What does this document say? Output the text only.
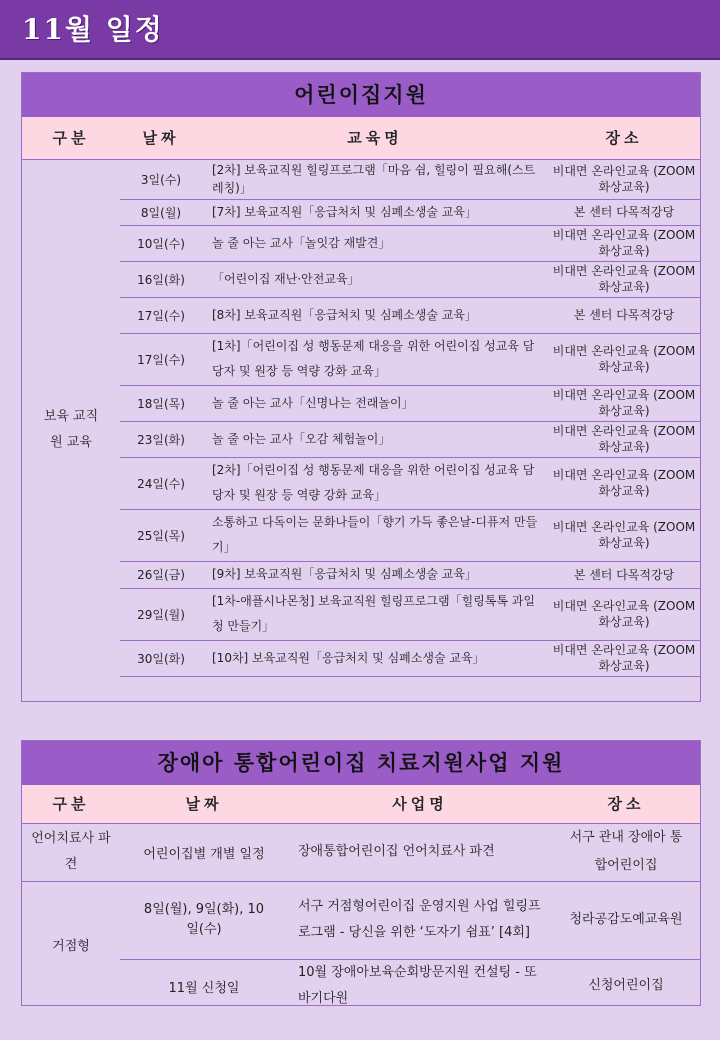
11월 일정
어린이집지원
구분	날짜	교육명	장소
보육 교직원 교육	3일(수)	[2차] 보육교직원 힐링프로그램「마음 쉼, 힐링이 필요해(스트레칭)」	비대면 온라인교육 (ZOOM 화상교육)
	8일(월)	[7차] 보육교직원「응급처치 및 심폐소생술 교육」	본 센터 다목적강당
	10일(수)	놀 줄 아는 교사「놀잇감 재발견」	비대면 온라인교육 (ZOOM 화상교육)
	16일(화)	「어린이집 재난·안전교육」	비대면 온라인교육 (ZOOM 화상교육)
	17일(수)	[8차] 보육교직원「응급처치 및 심폐소생술 교육」	본 센터 다목적강당
	17일(수)	[1차]「어린이집 성 행동문제 대응을 위한 어린이집 성교육 담당자 및 원장 등 역량 강화 교육」	비대면 온라인교육 (ZOOM 화상교육)
	18일(목)	놀 줄 아는 교사「신명나는 전래놀이」	비대면 온라인교육 (ZOOM 화상교육)
	23일(화)	놀 줄 아는 교사「오감 체험놀이」	비대면 온라인교육 (ZOOM 화상교육)
	24일(수)	[2차]「어린이집 성 행동문제 대응을 위한 어린이집 성교육 담당자 및 원장 등 역량 강화 교육」	비대면 온라인교육 (ZOOM 화상교육)
	25일(목)	소통하고 다독이는 문화나들이「향기 가득 좋은날-디퓨저 만들기」	비대면 온라인교육 (ZOOM 화상교육)
	26일(금)	[9차] 보육교직원「응급처치 및 심폐소생술 교육」	본 센터 다목적강당
	29일(월)	[1차-애플시나몬청] 보육교직원 힐링프로그램「힐링톡톡 과일청 만들기」	비대면 온라인교육 (ZOOM 화상교육)
	30일(화)	[10차] 보육교직원「응급처치 및 심폐소생술 교육」	비대면 온라인교육 (ZOOM 화상교육)

장애아 통합어린이집 치료지원사업 지원
구분	날짜	사업명	장소
언어치료사 파견	어린이집별 개별 일정	장애통합어린이집 언어치료사 파견	서구 관내 장애아 통합어린이집
거점형	8일(월), 9일(화), 10일(수)	서구 거점형어린이집 운영지원 사업 힐링프로그램 - 당신을 위한 ‘도자기 쉼표’ [4회]	청라공감도예교육원
	11월 신청일	10월 장애아보육순회방문지원 컨설팅 - 또바기다원	신청어린이집
